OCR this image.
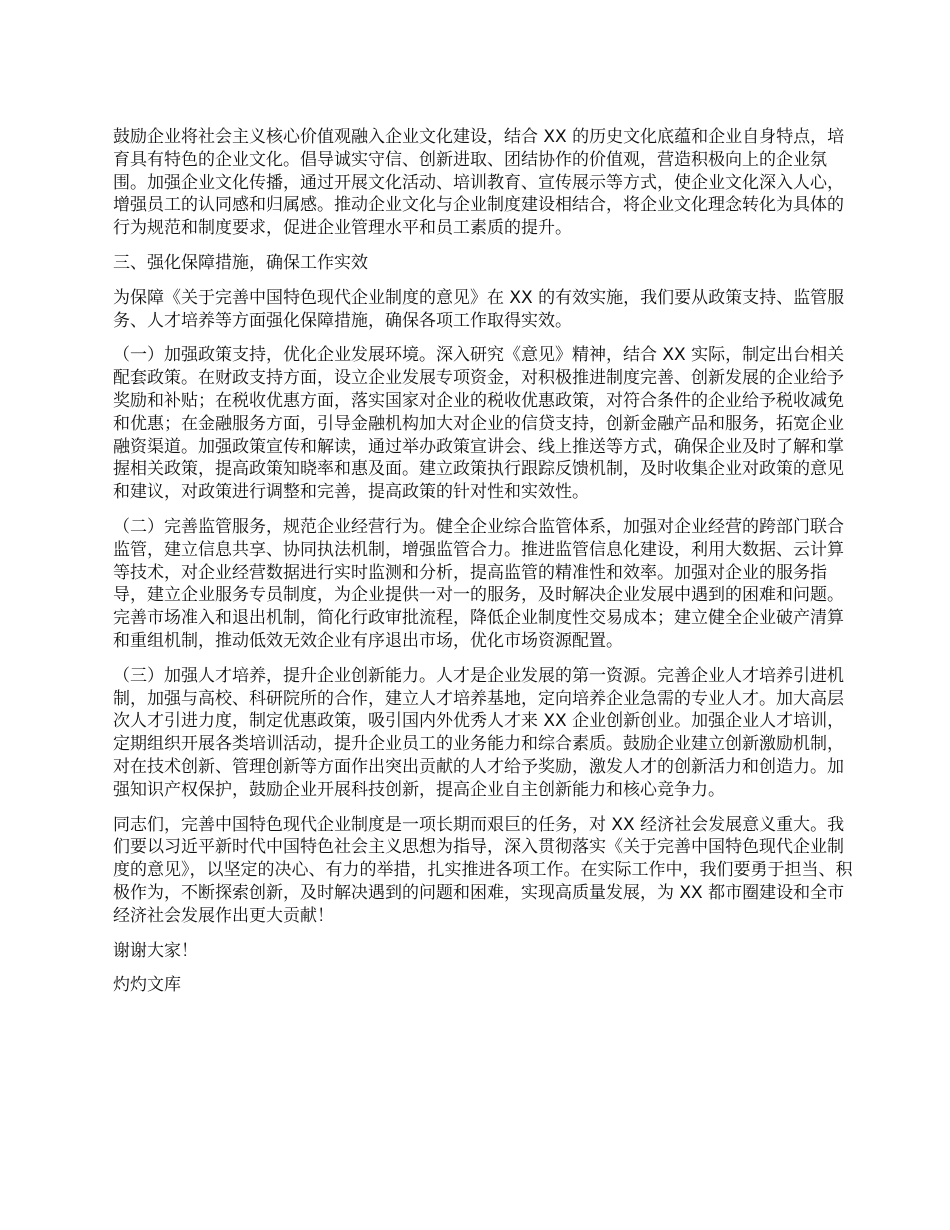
鼓励企业将社会主义核心价值观融入企业文化建设，结合 XX 的历史文化底蕴和企业自身特点，培育具有特色的企业文化。倡导诚实守信、创新进取、团结协作的价值观，营造积极向上的企业氛围。加强企业文化传播，通过开展文化活动、培训教育、宣传展示等方式，使企业文化深入人心，增强员工的认同感和归属感。推动企业文化与企业制度建设相结合，将企业文化理念转化为具体的行为规范和制度要求，促进企业管理水平和员工素质的提升。

三、强化保障措施，确保工作实效

为保障《关于完善中国特色现代企业制度的意见》在 XX 的有效实施，我们要从政策支持、监管服务、人才培养等方面强化保障措施，确保各项工作取得实效。

（一）加强政策支持，优化企业发展环境。深入研究《意见》精神，结合 XX 实际，制定出台相关配套政策。在财政支持方面，设立企业发展专项资金，对积极推进制度完善、创新发展的企业给予奖励和补贴；在税收优惠方面，落实国家对企业的税收优惠政策，对符合条件的企业给予税收减免和优惠；在金融服务方面，引导金融机构加大对企业的信贷支持，创新金融产品和服务，拓宽企业融资渠道。加强政策宣传和解读，通过举办政策宣讲会、线上推送等方式，确保企业及时了解和掌握相关政策，提高政策知晓率和惠及面。建立政策执行跟踪反馈机制，及时收集企业对政策的意见和建议，对政策进行调整和完善，提高政策的针对性和实效性。

（二）完善监管服务，规范企业经营行为。健全企业综合监管体系，加强对企业经营的跨部门联合监管，建立信息共享、协同执法机制，增强监管合力。推进监管信息化建设，利用大数据、云计算等技术，对企业经营数据进行实时监测和分析，提高监管的精准性和效率。加强对企业的服务指导，建立企业服务专员制度，为企业提供一对一的服务，及时解决企业发展中遇到的困难和问题。完善市场准入和退出机制，简化行政审批流程，降低企业制度性交易成本；建立健全企业破产清算和重组机制，推动低效无效企业有序退出市场，优化市场资源配置。

（三）加强人才培养，提升企业创新能力。人才是企业发展的第一资源。完善企业人才培养引进机制，加强与高校、科研院所的合作，建立人才培养基地，定向培养企业急需的专业人才。加大高层次人才引进力度，制定优惠政策，吸引国内外优秀人才来 XX 企业创新创业。加强企业人才培训，定期组织开展各类培训活动，提升企业员工的业务能力和综合素质。鼓励企业建立创新激励机制，对在技术创新、管理创新等方面作出突出贡献的人才给予奖励，激发人才的创新活力和创造力。加强知识产权保护，鼓励企业开展科技创新，提高企业自主创新能力和核心竞争力。

同志们，完善中国特色现代企业制度是一项长期而艰巨的任务，对 XX 经济社会发展意义重大。我们要以习近平新时代中国特色社会主义思想为指导，深入贯彻落实《关于完善中国特色现代企业制度的意见》，以坚定的决心、有力的举措，扎实推进各项工作。在实际工作中，我们要勇于担当、积极作为，不断探索创新，及时解决遇到的问题和困难，实现高质量发展，为 XX 都市圈建设和全市经济社会发展作出更大贡献！

谢谢大家！

灼灼文库
